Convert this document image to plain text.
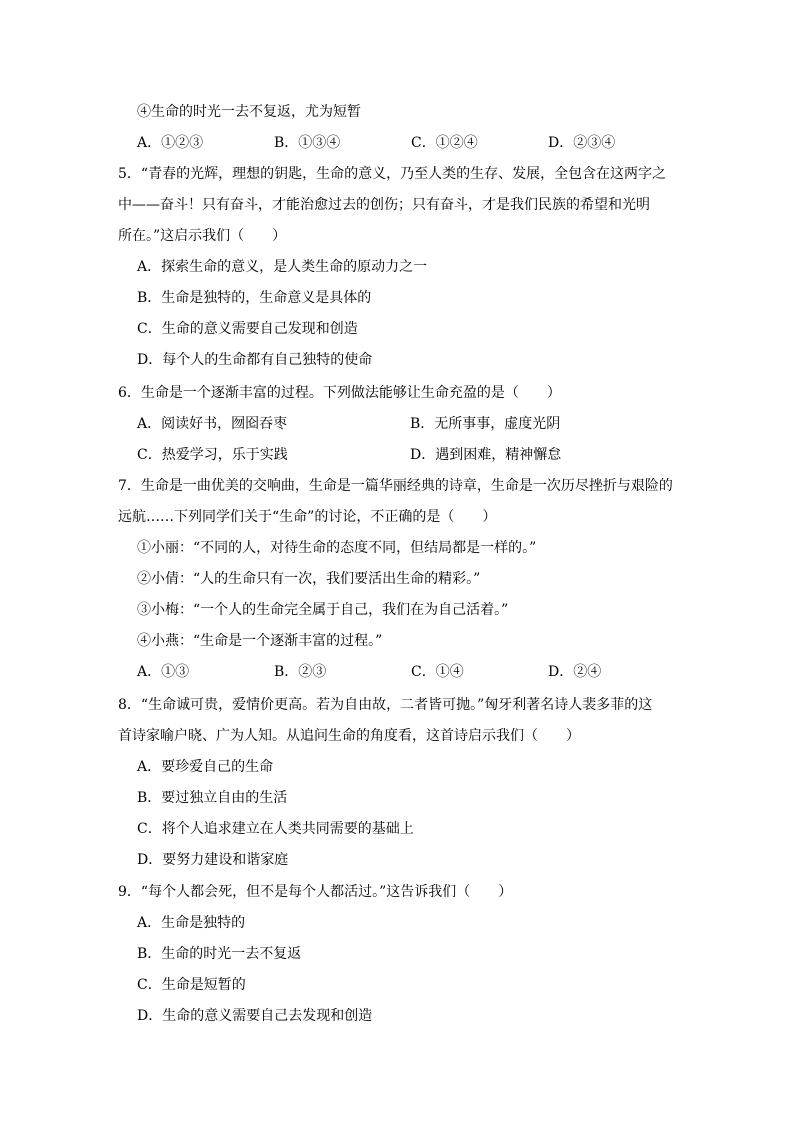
④生命的时光一去不复返，尤为短暂
A．①②③	B．①③④	C．①②④	D．②③④
5．“青春的光辉，理想的钥匙，生命的意义，乃至人类的生存、发展，全包含在这两字之
中——奋斗！只有奋斗，才能治愈过去的创伤；只有奋斗，才是我们民族的希望和光明
所在。”这启示我们（　　）
A．探索生命的意义，是人类生命的原动力之一
B．生命是独特的，生命意义是具体的
C．生命的意义需要自己发现和创造
D．每个人的生命都有自己独特的使命
6．生命是一个逐渐丰富的过程。下列做法能够让生命充盈的是（　　）
A．阅读好书，囫囵吞枣	B．无所事事，虚度光阴
C．热爱学习，乐于实践	D．遇到困难，精神懈怠
7．生命是一曲优美的交响曲，生命是一篇华丽经典的诗章，生命是一次历尽挫折与艰险的
远航……下列同学们关于“生命”的讨论，不正确的是（　　）
①小丽：“不同的人，对待生命的态度不同，但结局都是一样的。”
②小倩：“人的生命只有一次，我们要活出生命的精彩。”
③小梅：“一个人的生命完全属于自己，我们在为自己活着。”
④小燕：“生命是一个逐渐丰富的过程。”
A．①③	B．②③	C．①④	D．②④
8．“生命诚可贵，爱情价更高。若为自由故，二者皆可抛。”匈牙利著名诗人裴多菲的这
首诗家喻户晓、广为人知。从追问生命的角度看，这首诗启示我们（　　）
A．要珍爱自己的生命
B．要过独立自由的生活
C．将个人追求建立在人类共同需要的基础上
D．要努力建设和谐家庭
9．“每个人都会死，但不是每个人都活过。”这告诉我们（　　）
A．生命是独特的
B．生命的时光一去不复返
C．生命是短暂的
D．生命的意义需要自己去发现和创造
